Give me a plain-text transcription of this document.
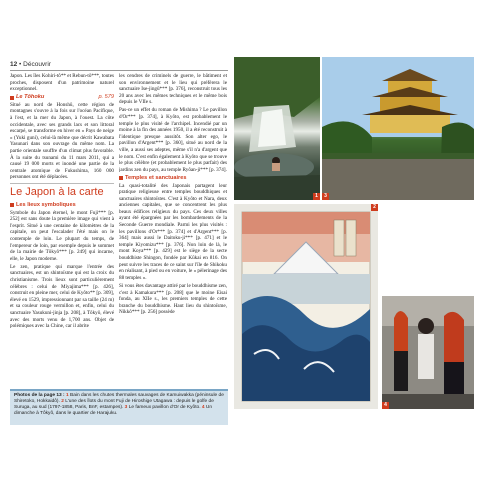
12 • Découvrir

Japon. Les îles Kohiri-tô** et Rebun-tô***, toutes proches, disposent d'un patrimoine naturel exceptionnel.

Le Tôhoku	p. 579

Situé au nord de Honshû, cette région de montagnes s'ouvre à la fois sur l'océan Pacifique, à l'est, et la mer du Japon, à l'ouest. La côte occidentale, avec ses grands lacs et son littoral escarpé, se transforme en hiver en « Pays de neige » (Yuki guni), celui-là même que décrit Kawabata Yasunari dans son ouvrage du même nom. La partie orientale souffre d'un climat plus favorable. À la suite du tsunami du 11 mars 2011, qui a causé 19 000 morts et inondé une partie de la centrale atomique de Fukushima, 160 000 personnes ont été déplacées.

Le Japon à la carte
Les lieux symboliques

Symbole du Japon éternel, le mont Fuji*** [p. 252] est sans doute la première image qui vient à l'esprit. Situé à une centaine de kilomètres de la capitale, on peut l'escalader l'été mais on le contemple de loin. Le plupart du temps, de l'empereur de loin, par exemple depuis le sommet de la mairie de Tôkyô*** [p. 249] qui incarne, elle, le Japon moderne.

Le zen, pratique qui marque l'entrée des sanctuaires, est un shintoïsme qui est la croix du christianisme. Trois lieux sont particulièrement célèbres : celui de Miyajima*** [p. 426], construit en pleine mer, celui de Kyôto** [p. 309], élevé en 1529, impressionnant par sa taille (24 m) et sa couleur rouge vermillon et, enfin, celui du sanctuaire Yasukuni-jinja [p. 208], à Tôkyô, élevé avec des morts venu de 1,700 ans. Objet de polémiques avec la Chine, car il abrite

les cendres de criminels de guerre, le bâtiment et son environnement et le lieu qui préfèrera le sanctuaire Ise-jingû*** [p. 376], reconstruit tous les 20 ans avec les mêmes techniques et le même bois depuis le VIIe s.

Pas-ce un effet du roman de Mishima ? Le pavillon d'Or*** [p. 374], à Kyôto, est probablement le temple le plus visité de l'archipel. Incendié par un moine à la fin des années 1950, il a été reconstruit à l'identique presque aussitôt. Son alter ego, le pavillon d'Argent*** [p. 360], situé au nord de la ville, a aussi ses adeptes, même s'il n'a d'argent que le nom. C'est enfin également à Kyôto que se trouve le plus célèbre (et probablement le plus parfait) des jardins zen du pays, au temple Ryôan-ji*** [p. 374].

Temples et sanctuaires

La quasi-totalité des Japonais partagent leur pratique religieuse entre temples bouddhiques et sanctuaires shintoïstes. C'est à Kyôto et Nara, deux anciennes capitales, que se concentrent les plus beaux édifices religieux du pays. Ces deux villes ayant été épargnées par les bombardements de la Seconde Guerre mondiale. Parmi les plus visités : les pavillons d'Or*** [p. 374] et d'Argent*** [p. 364] mais aussi le Daitoku-ji*** [p. 471] et le temple Kiyomizu*** [p. 376]. Non loin de là, le mont Koya*** [p. 429] est le siège de la secte bouddhiste Shingon, fondée par Kûkai en 816. On peut suivre les traces de ce saint sur l'île de Shikoku en réalisant, à pied ou en voiture, le « pèlerinage des 88 temples ».

Si vous êtes davantage attiré par le bouddhisme zen, c'est à Kamakura*** [p. 208] que le moine Eisai fonda, au XIIe s., les premiers temples de cette branche du bouddhisme. Haut lieu du shintoïsme, Nikkô*** [p. 256] possède

Photos de la page 13 : 1 Bain dans les chutes thermales sauvages de Kamuiwakka (péninsule de Shiretoko, Hokkaidô). 2 L'une des îlots du mont Fuji de Hiroshige Utagawa : depuis le golfe de Suruga, au sud (1797-1858, Paris, BnF, estampes). 3 Le fameux pavillon d'Or de Kyôto. 4 Un dimanche à Tôkyô, dans le quartier de Harajuku.
1	3
2
4
